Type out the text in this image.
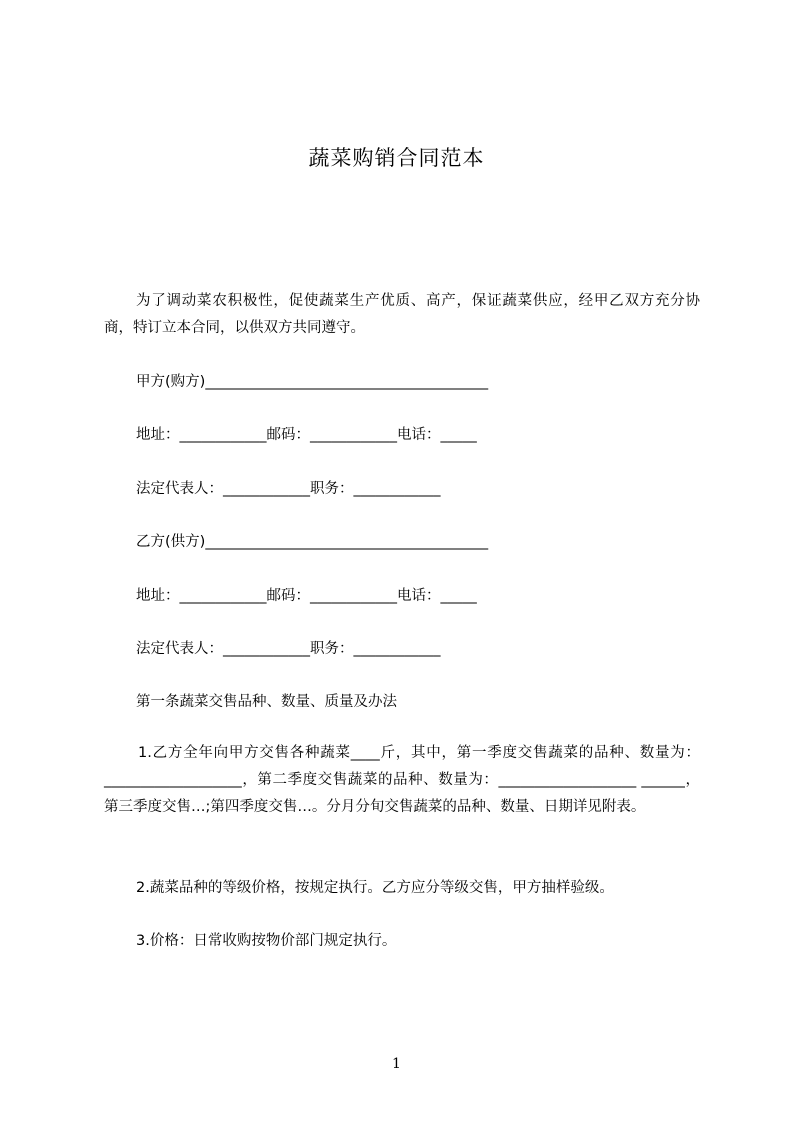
蔬菜购销合同范本
为了调动菜农积极性，促使蔬菜生产优质、高产，保证蔬菜供应，经甲乙双方充分协商，特订立本合同，以供双方共同遵守。
甲方(购方)_______________________________________
地址：____________邮码：____________电话：_____
法定代表人：____________职务：____________
乙方(供方)_______________________________________
地址：____________邮码：____________电话：_____
法定代表人：____________职务：____________
第一条蔬菜交售品种、数量、质量及办法
1.乙方全年向甲方交售各种蔬菜____斤，其中，第一季度交售蔬菜的品种、数量为：___________________，第二季度交售蔬菜的品种、数量为：___________________ ______，第三季度交售…;第四季度交售…。分月分旬交售蔬菜的品种、数量、日期详见附表。
2.蔬菜品种的等级价格，按规定执行。乙方应分等级交售，甲方抽样验级。
3.价格：日常收购按物价部门规定执行。
1
